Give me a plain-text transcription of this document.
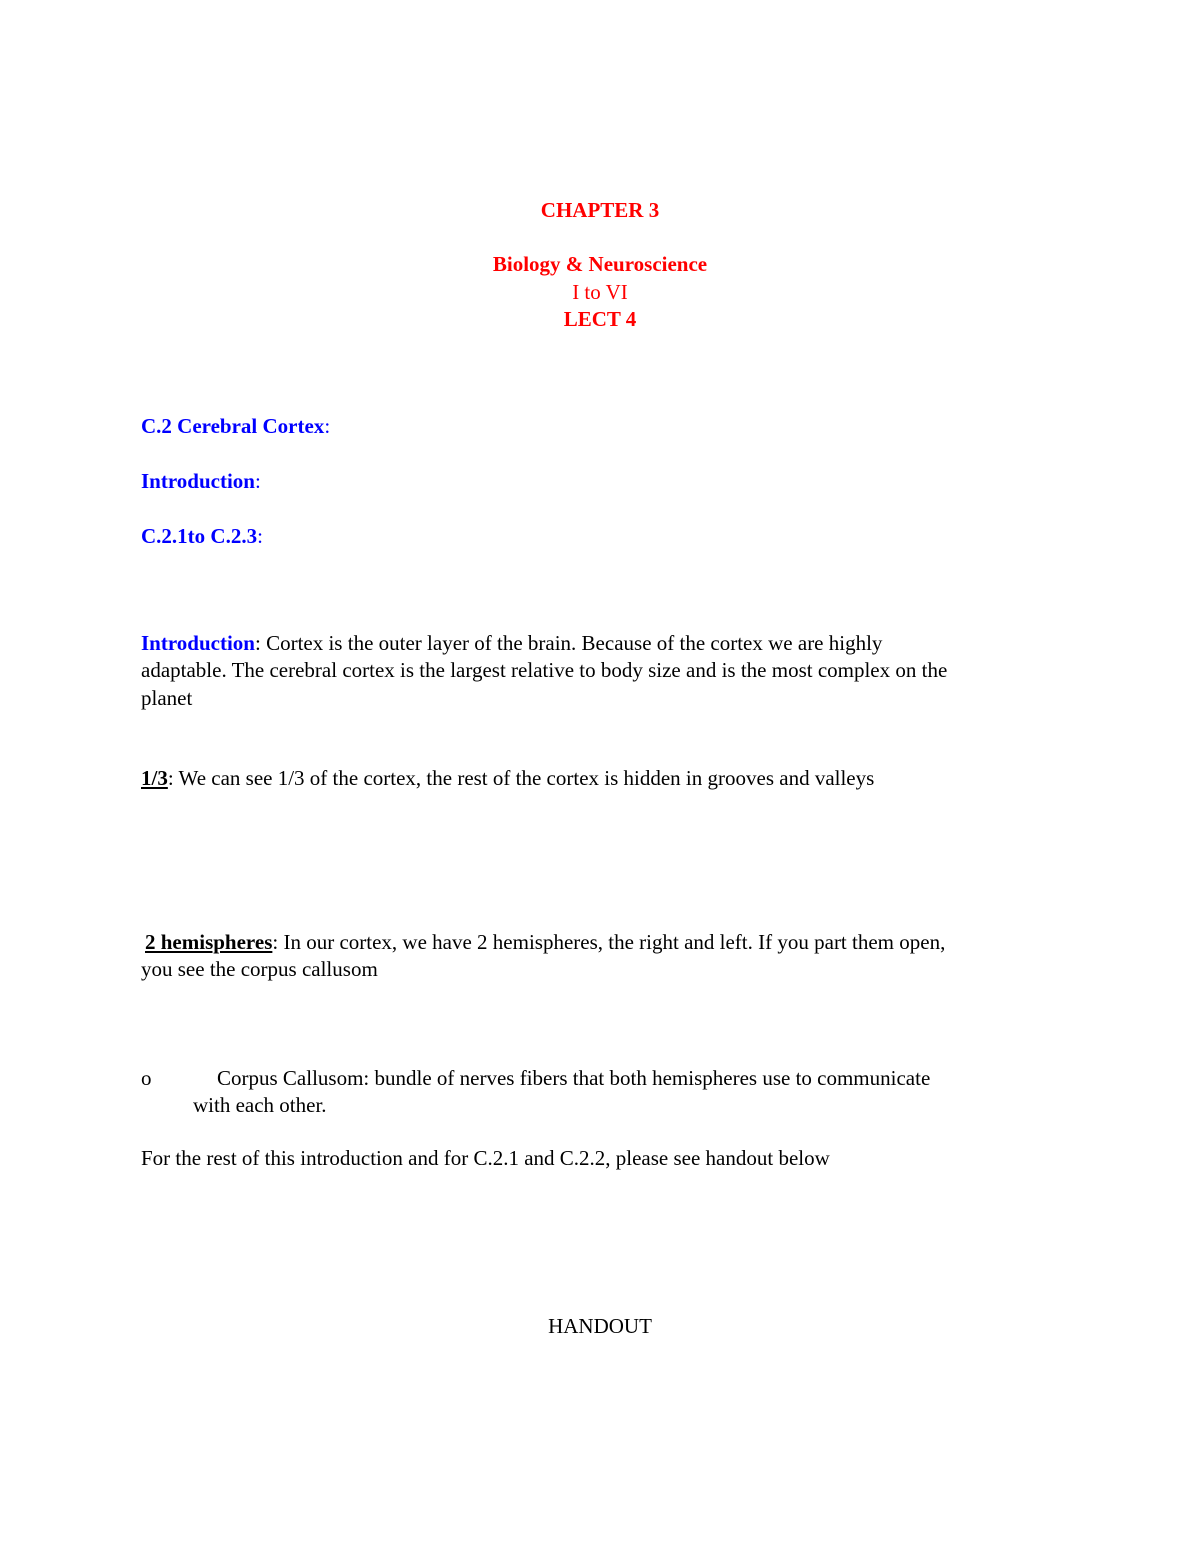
CHAPTER 3
Biology & Neuroscience
I to VI
LECT 4
C.2 Cerebral Cortex:
Introduction:
C.2.1to C.2.3:
Introduction: Cortex is the outer layer of the brain. Because of the cortex we are highly
adaptable. The cerebral cortex is the largest relative to body size and is the most complex on the
planet
1/3: We can see 1/3 of the cortex, the rest of the cortex is hidden in grooves and valleys
2 hemispheres: In our cortex, we have 2 hemispheres, the right and left. If you part them open,
you see the corpus callusom
o	Corpus Callusom: bundle of nerves fibers that both hemispheres use to communicate
with each other.
For the rest of this introduction and for C.2.1 and C.2.2, please see handout below
HANDOUT
